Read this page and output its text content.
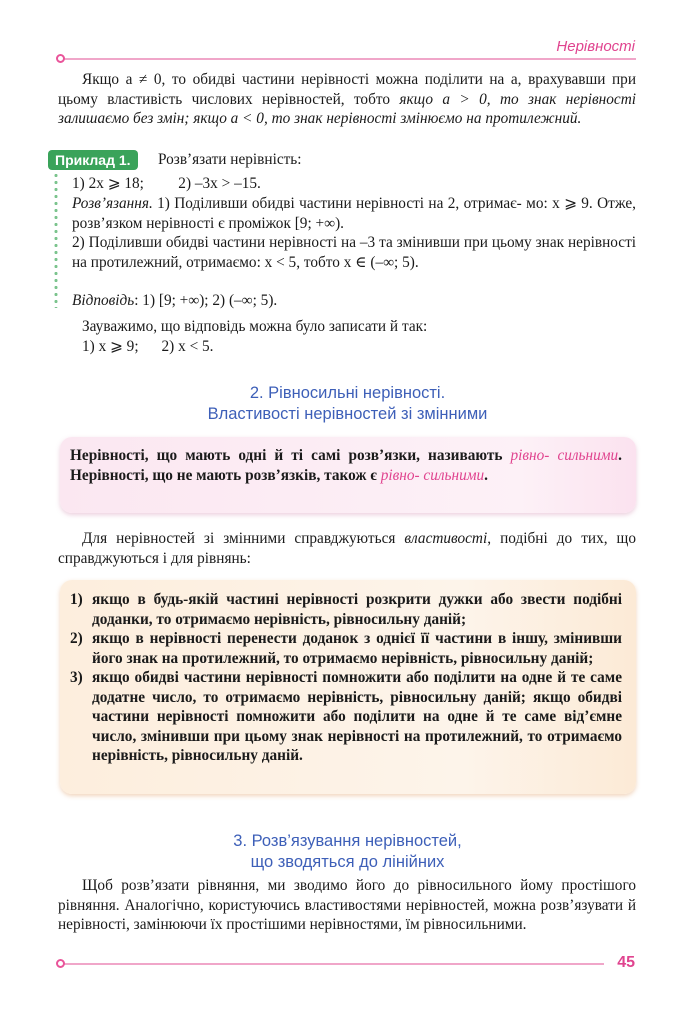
Нерівності
Якщо a ≠ 0, то обидві частини нерівності можна поділити на a, врахувавши при цьому властивість числових нерівностей, тобто якщо a > 0, то знак нерівності залишаємо без змін; якщо a < 0, то знак нерівності змінюємо на протилежний.
Приклад 1.	Розв’язати нерівність:
1) 2x ⩾ 18;         2) –3x > –15.
Розв’язання. 1) Поділивши обидві частини нерівності на 2, отримає- мо: x ⩾ 9. Отже, розв’язком нерівності є проміжок [9; +∞).
2) Поділивши обидві частини нерівності на –3 та змінивши при цьому знак нерівності на протилежний, отримаємо: x < 5, тобто x ∈ (–∞; 5).
Відповідь: 1) [9; +∞); 2) (–∞; 5).
Зауважимо, що відповідь можна було записати й так:
1) x ⩾ 9;      2) x < 5.
2. Рівносильні нерівності.
Властивості нерівностей зі змінними
Нерівності, що мають одні й ті самі розв’язки, називають рівно- сильними. Нерівності, що не мають розв’язків, також є рівно- сильними.
Для нерівностей зі змінними справджуються властивості, подібні до тих, що справджуються і для рівнянь:
1) якщо в будь-якій частині нерівності розкрити дужки або звести подібні доданки, то отримаємо нерівність, рівносильну даній;
2) якщо в нерівності перенести доданок з однієї її частини в іншу, змінивши його знак на протилежний, то отримаємо нерівність, рівносильну даній;
3) якщо обидві частини нерівності помножити або поділити на одне й те саме додатне число, то отримаємо нерівність, рівносильну даній; якщо обидві частини нерівності помножити або поділити на одне й те саме від’ємне число, змінивши при цьому знак нерівності на протилежний, то отримаємо нерівність, рівносильну даній.
3. Розв’язування нерівностей,
що зводяться до лінійних
Щоб розв’язати рівняння, ми зводимо його до рівносильного йому простішого рівняння. Аналогічно, користуючись властивостями нерівностей, можна розв’язувати й нерівності, замінюючи їх простішими нерівностями, їм рівносильними.
45
